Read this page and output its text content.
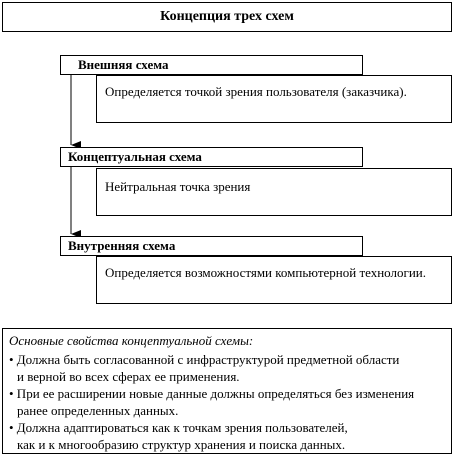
Концепция трех схем
Определяется точкой зрения пользователя (заказчика).
Внешняя схема
Нейтральная точка зрения
Концептуальная схема
Определяется возможностями компьютерной технологии.
Внутренняя схема
Основные свойства концептуальной схемы:
• Должна быть согласованной с инфраструктурой предметной области
и верной во всех сферах ее применения.
• При ее расширении новые данные должны определяться без изменения
ранее определенных данных.
• Должна адаптироваться как к точкам зрения пользователей,
как и к многообразию структур хранения и поиска данных.
